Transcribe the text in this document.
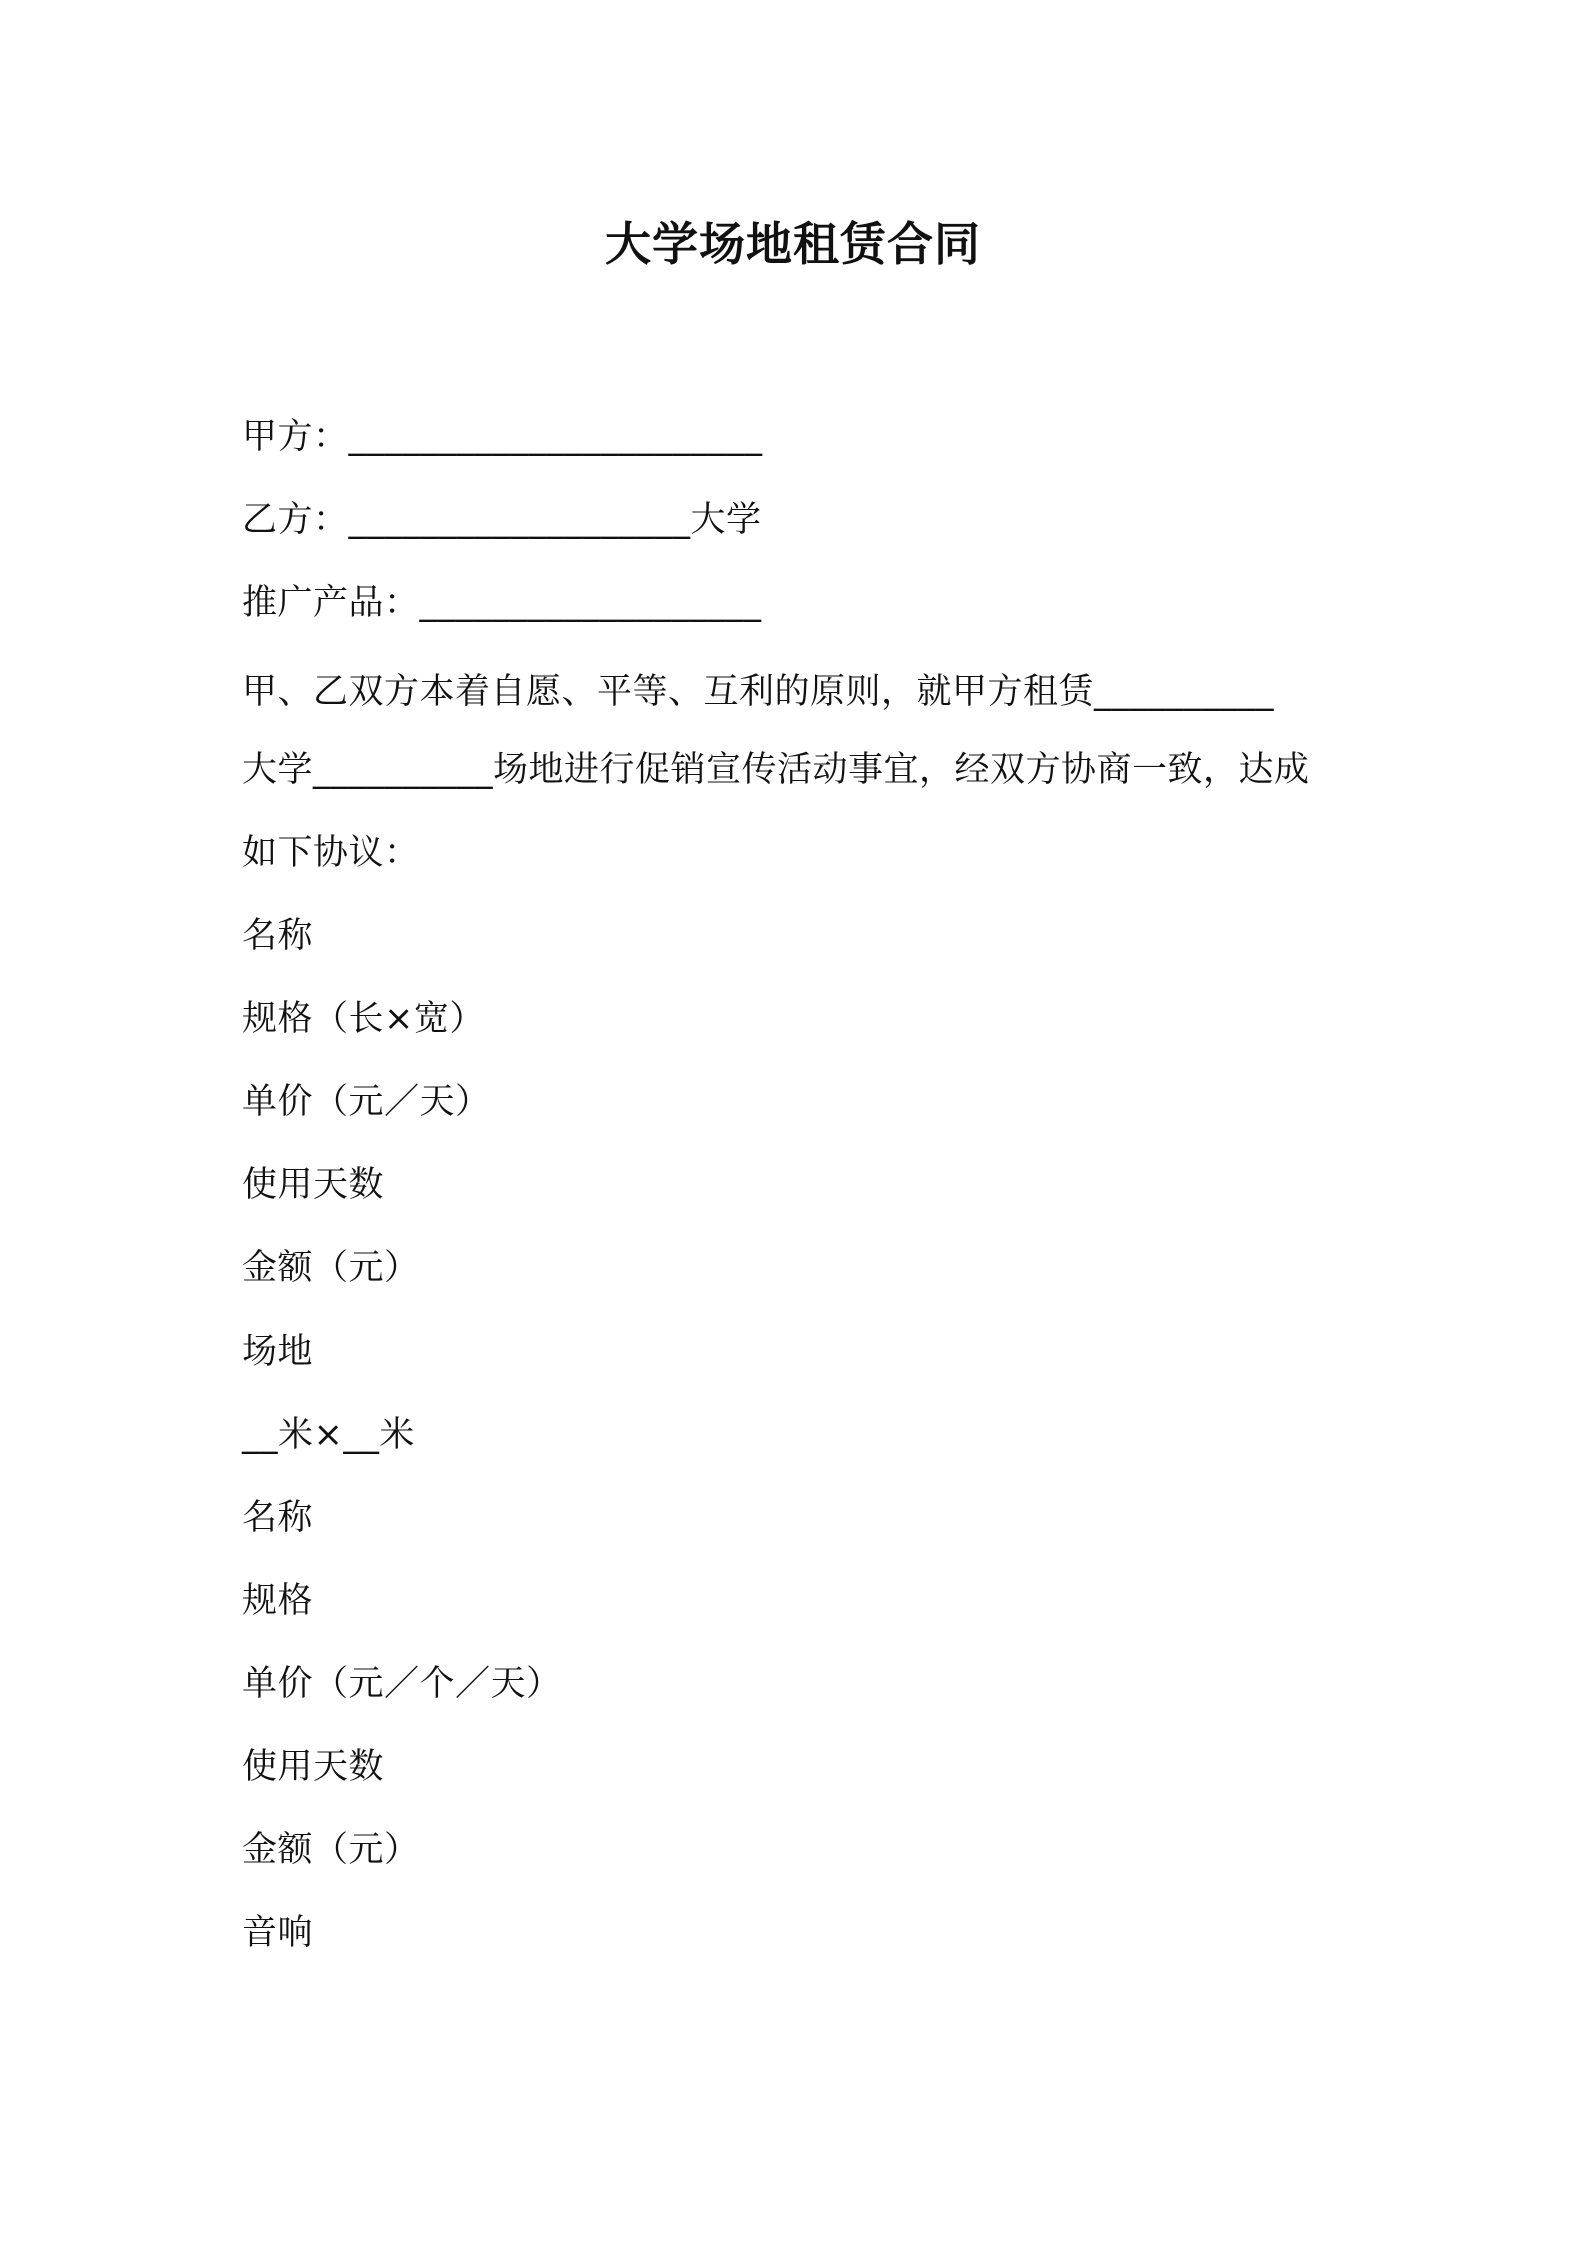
大学场地租赁合同
甲方：_______________________
乙方：___________________大学
推广产品：___________________
甲、乙双方本着自愿、平等、互利的原则，就甲方租赁__________
大学__________场地进行促销宣传活动事宜，经双方协商一致，达成
如下协议：
名称
规格（长×宽）
单价（元／天）
使用天数
金额（元）
场地
__米×__米
名称
规格
单价（元／个／天）
使用天数
金额（元）
音响
